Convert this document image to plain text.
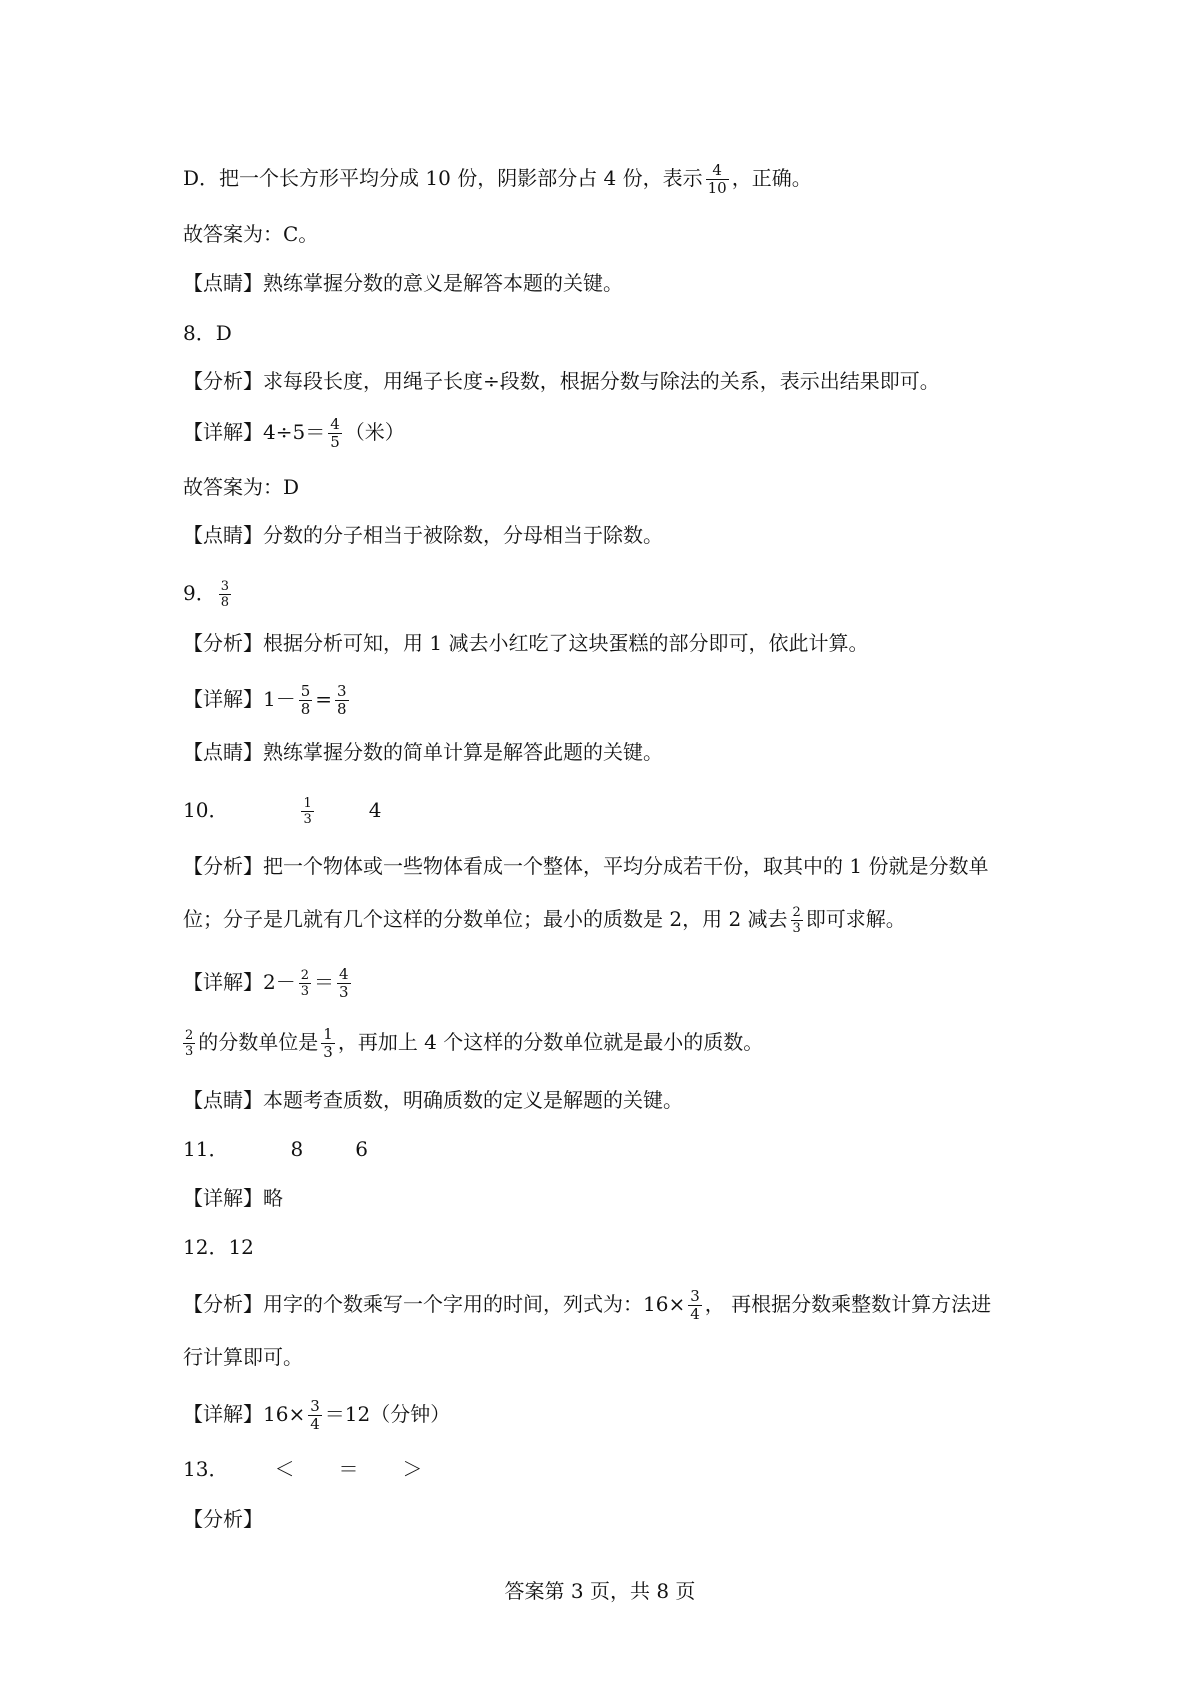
D．把一个长方形平均分成 10 份，阴影部分占 4 份，表示 $\frac{4}{10}$ ，正确。
故答案为：C。
【点睛】熟练掌握分数的意义是解答本题的关键。
8．D
【分析】求每段长度，用绳子长度÷段数，根据分数与除法的关系，表示出结果即可。
【详解】$4\div 5= \frac{4}{5}$ （米）
故答案为：D
【点睛】分数的分子相当于被除数，分母相当于除数。
9． $\frac{3}{8}$
【分析】根据分析可知，用 1 减去小红吃了这块蛋糕的部分即可，依此计算。
【详解】$1- \frac{5}{8} = \frac{3}{8}$
【点睛】熟练掌握分数的简单计算是解答此题的关键。
10．	$\frac{1}{3}$	4
【分析】把一个物体或一些物体看成一个整体，平均分成若干份，取其中的 1 份就是分数单
位；分子是几就有几个这样的分数单位；最小的质数是 2，用 2 减去 $\frac{2}{3}$ 即可求解。
【详解】$2- \frac{2}{3} = \frac{4}{3}$
$\frac{2}{3}$ 的分数单位是 $\frac{1}{3}$ ，再加上 4 个这样的分数单位就是最小的质数。
【点睛】本题考查质数，明确质数的定义是解题的关键。
11．	8	6
【详解】略
12．12
【分析】用字的个数乘写一个字用的时间，列式为：$16\times \frac{3}{4}$ ， 再根据分数乘整数计算方法进
行计算即可。
【详解】$16\times \frac{3}{4} =12$（分钟）
13． ＜ ＝ ＞
【分析】
答案第 3 页，共 8 页
